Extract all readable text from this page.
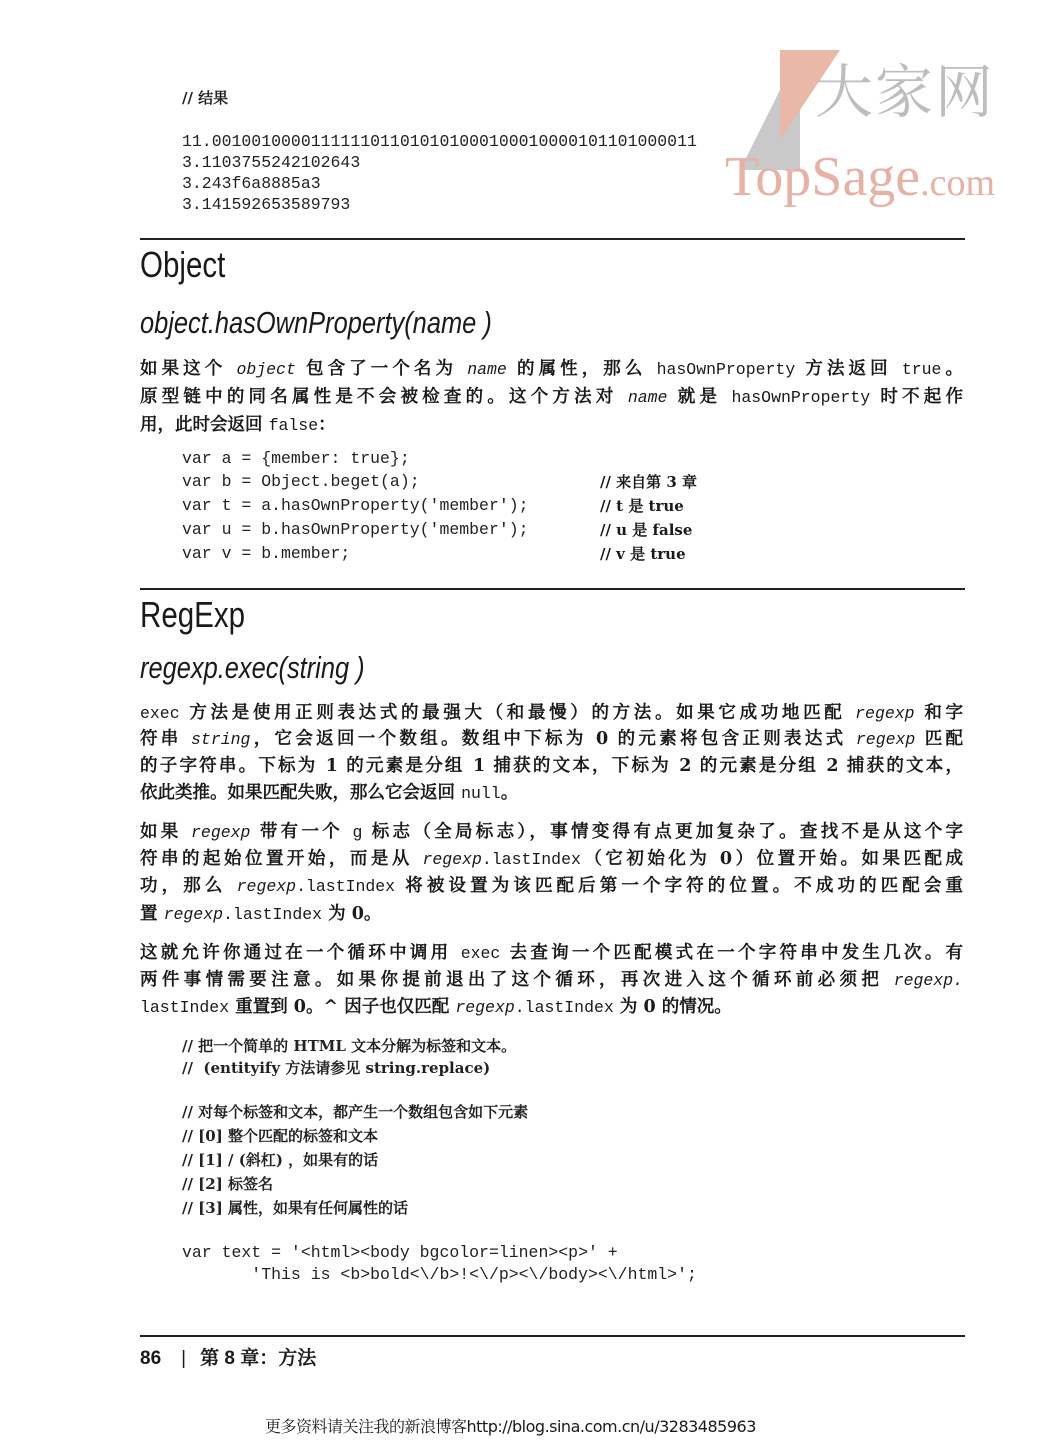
大家网
TopSage.com
// 结果
11.0010010000111111011010101000100010000101101000011
3.1103755242102643
3.243f6a8885a3
3.141592653589793
Object
object.hasOwnProperty(name )
如果这个 object 包含了一个名为 name 的属性，那么 hasOwnProperty 方法返回 true。
原型链中的同名属性是不会被检查的。这个方法对 name 就是 hasOwnProperty 时不起作
用，此时会返回 false：
var a = {member: true};
var b = Object.beget(a);	// 来自第 3 章
var t = a.hasOwnProperty('member');	// t 是 true
var u = b.hasOwnProperty('member');	// u 是 false
var v = b.member;	// v 是 true
RegExp
regexp.exec(string )
exec 方法是使用正则表达式的最强大（和最慢）的方法。如果它成功地匹配 regexp 和字
符串 string，它会返回一个数组。数组中下标为 0 的元素将包含正则表达式 regexp 匹配
的子字符串。下标为 1 的元素是分组 1 捕获的文本，下标为 2 的元素是分组 2 捕获的文本，
依此类推。如果匹配失败，那么它会返回 null。
如果 regexp 带有一个 g 标志（全局标志），事情变得有点更加复杂了。查找不是从这个字
符串的起始位置开始，而是从 regexp.lastIndex（它初始化为 0）位置开始。如果匹配成
功，那么 regexp.lastIndex 将被设置为该匹配后第一个字符的位置。不成功的匹配会重
置 regexp.lastIndex 为 0。
这就允许你通过在一个循环中调用 exec 去查询一个匹配模式在一个字符串中发生几次。有
两件事情需要注意。如果你提前退出了这个循环，再次进入这个循环前必须把 regexp.
lastIndex 重置到 0。^ 因子也仅匹配 regexp.lastIndex 为 0 的情况。
// 把一个简单的 HTML 文本分解为标签和文本。
//  (entityify 方法请参见 string.replace)
// 对每个标签和文本，都产生一个数组包含如下元素
// [0] 整个匹配的标签和文本
// [1] / (斜杠) ，如果有的话
// [2] 标签名
// [3] 属性，如果有任何属性的话
var text = '<html><body bgcolor=linen><p>' +
'This is <b>bold<\/b>!<\/p><\/body><\/html>';
86 | 第 8 章：方法
更多资料请关注我的新浪博客http://blog.sina.com.cn/u/3283485963
